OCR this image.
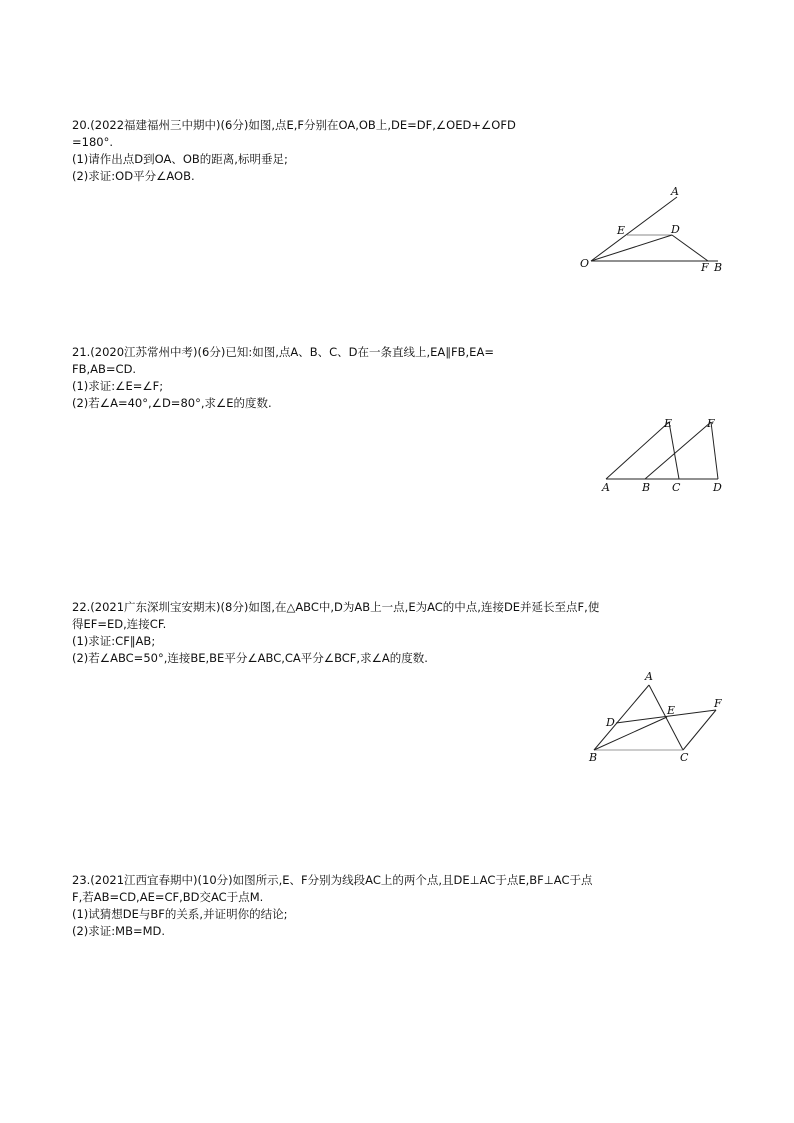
20.(2022福建福州三中期中)(6分)如图,点E,F分别在OA,OB上,DE=DF,∠OED+∠OFD
=180°.
(1)请作出点D到OA、OB的距离,标明垂足;
(2)求证:OD平分∠AOB.
21.(2020江苏常州中考)(6分)已知:如图,点A、B、C、D在一条直线上,EA∥FB,EA=
FB,AB=CD.
(1)求证:∠E=∠F;
(2)若∠A=40°,∠D=80°,求∠E的度数.
22.(2021广东深圳宝安期末)(8分)如图,在△ABC中,D为AB上一点,E为AC的中点,连接DE并延长至点F,使
得EF=ED,连接CF.
(1)求证:CF∥AB;
(2)若∠ABC=50°,连接BE,BE平分∠ABC,CA平分∠BCF,求∠A的度数.
23.(2021江西宜春期中)(10分)如图所示,E、F分别为线段AC上的两个点,且DE⊥AC于点E,BF⊥AC于点
F,若AB=CD,AE=CF,BD交AC于点M.
(1)试猜想DE与BF的关系,并证明你的结论;
(2)求证:MB=MD.
O
A
E	D
F B
E	F
A	B C	D
A
D
E
F
B	C
